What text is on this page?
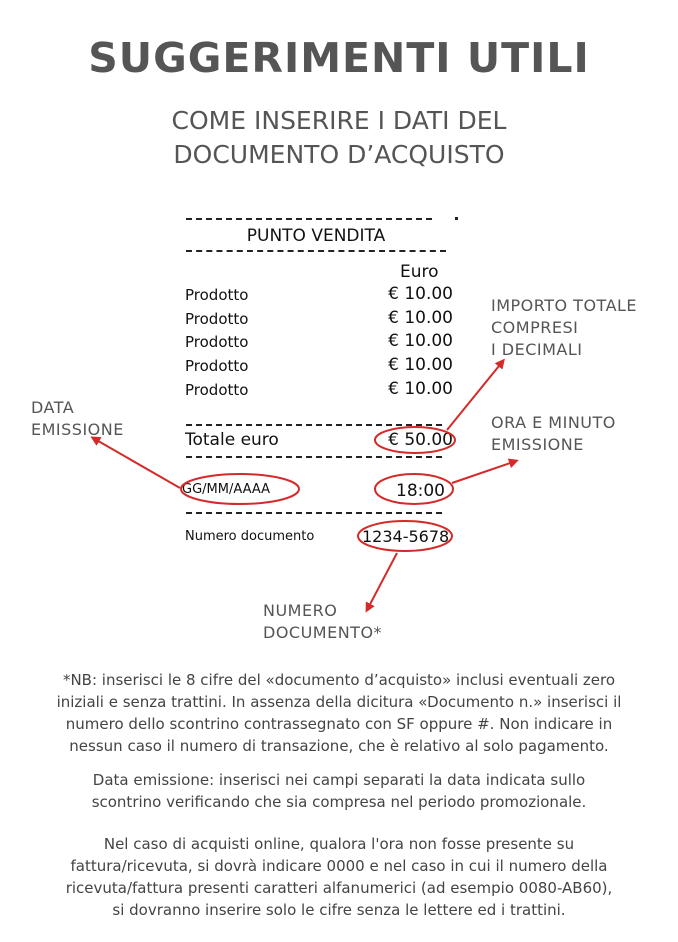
SUGGERIMENTI UTILI
COME INSERIRE I DATI DEL
DOCUMENTO D’ACQUISTO
PUNTO VENDITA
Euro
Prodotto	€ 10.00
Prodotto	€ 10.00
Prodotto	€ 10.00
Prodotto	€ 10.00
Prodotto	€ 10.00
Totale euro	€ 50.00
GG/MM/AAAA	18:00
Numero documento	1234-5678
DATA
EMISSIONE
IMPORTO TOTALE
COMPRESI
I DECIMALI
ORA E MINUTO
EMISSIONE
NUMERO
DOCUMENTO*
*NB: inserisci le 8 cifre del «documento d’acquisto» inclusi eventuali zero
iniziali e senza trattini. In assenza della dicitura «Documento n.» inserisci il
numero dello scontrino contrassegnato con SF oppure #. Non indicare in
nessun caso il numero di transazione, che è relativo al solo pagamento.
Data emissione: inserisci nei campi separati la data indicata sullo
scontrino verificando che sia compresa nel periodo promozionale.
Nel caso di acquisti online, qualora l'ora non fosse presente su
fattura/ricevuta, si dovrà indicare 0000 e nel caso in cui il numero della
ricevuta/fattura presenti caratteri alfanumerici (ad esempio 0080-AB60),
si dovranno inserire solo le cifre senza le lettere ed i trattini.
